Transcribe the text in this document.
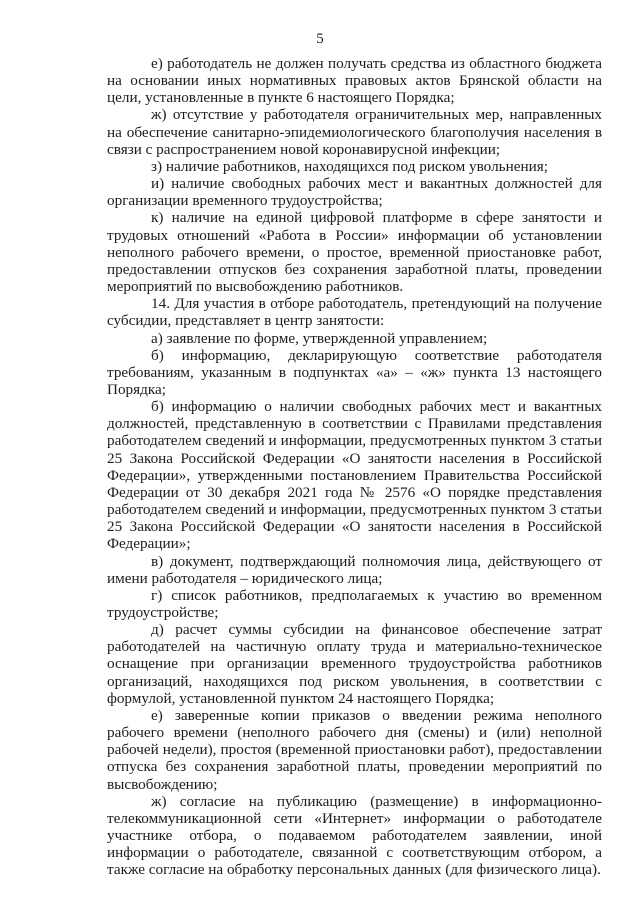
5

е) работодатель не должен получать средства из областного бюджета на основании иных нормативных правовых актов Брянской области на цели, установленные в пункте 6 настоящего Порядка;

ж) отсутствие у работодателя ограничительных мер, направленных на обеспечение санитарно-эпидемиологического благополучия населения в связи с распространением новой коронавирусной инфекции;

з) наличие работников, находящихся под риском увольнения;

и) наличие свободных рабочих мест и вакантных должностей для организации временного трудоустройства;

к) наличие на единой цифровой платформе в сфере занятости и трудовых отношений «Работа в России» информации об установлении неполного рабочего времени, о простое, временной приостановке работ, предоставлении отпусков без сохранения заработной платы, проведении мероприятий по высвобождению работников.

14. Для участия в отборе работодатель, претендующий на получение субсидии, представляет в центр занятости:

а) заявление по форме, утвержденной управлением;

б) информацию, декларирующую соответствие работодателя требованиям, указанным в подпунктах «а» – «ж» пункта 13 настоящего Порядка;

б) информацию о наличии свободных рабочих мест и вакантных должностей, представленную в соответствии с Правилами представления работодателем сведений и информации, предусмотренных пунктом 3 статьи 25 Закона Российской Федерации «О занятости населения в Российской Федерации», утвержденными постановлением Правительства Российской Федерации от 30 декабря 2021 года № 2576 «О порядке представления работодателем сведений и информации, предусмотренных пунктом 3 статьи 25 Закона Российской Федерации «О занятости населения в Российской Федерации»;

в) документ, подтверждающий полномочия лица, действующего от имени работодателя – юридического лица;

г) список работников, предполагаемых к участию во временном трудоустройстве;

д) расчет суммы субсидии на финансовое обеспечение затрат работодателей на частичную оплату труда и материально-техническое оснащение при организации временного трудоустройства работников организаций, находящихся под риском увольнения, в соответствии с формулой, установленной пунктом 24 настоящего Порядка;

е) заверенные копии приказов о введении режима неполного рабочего времени (неполного рабочего дня (смены) и (или) неполной рабочей недели), простоя (временной приостановки работ), предоставлении отпуска без сохранения заработной платы, проведении мероприятий по высвобождению;

ж) согласие на публикацию (размещение) в информационно-телекоммуникационной сети «Интернет» информации о работодателе участнике отбора, о подаваемом работодателем заявлении, иной информации о работодателе, связанной с соответствующим отбором, а также согласие на обработку персональных данных (для физического лица).
